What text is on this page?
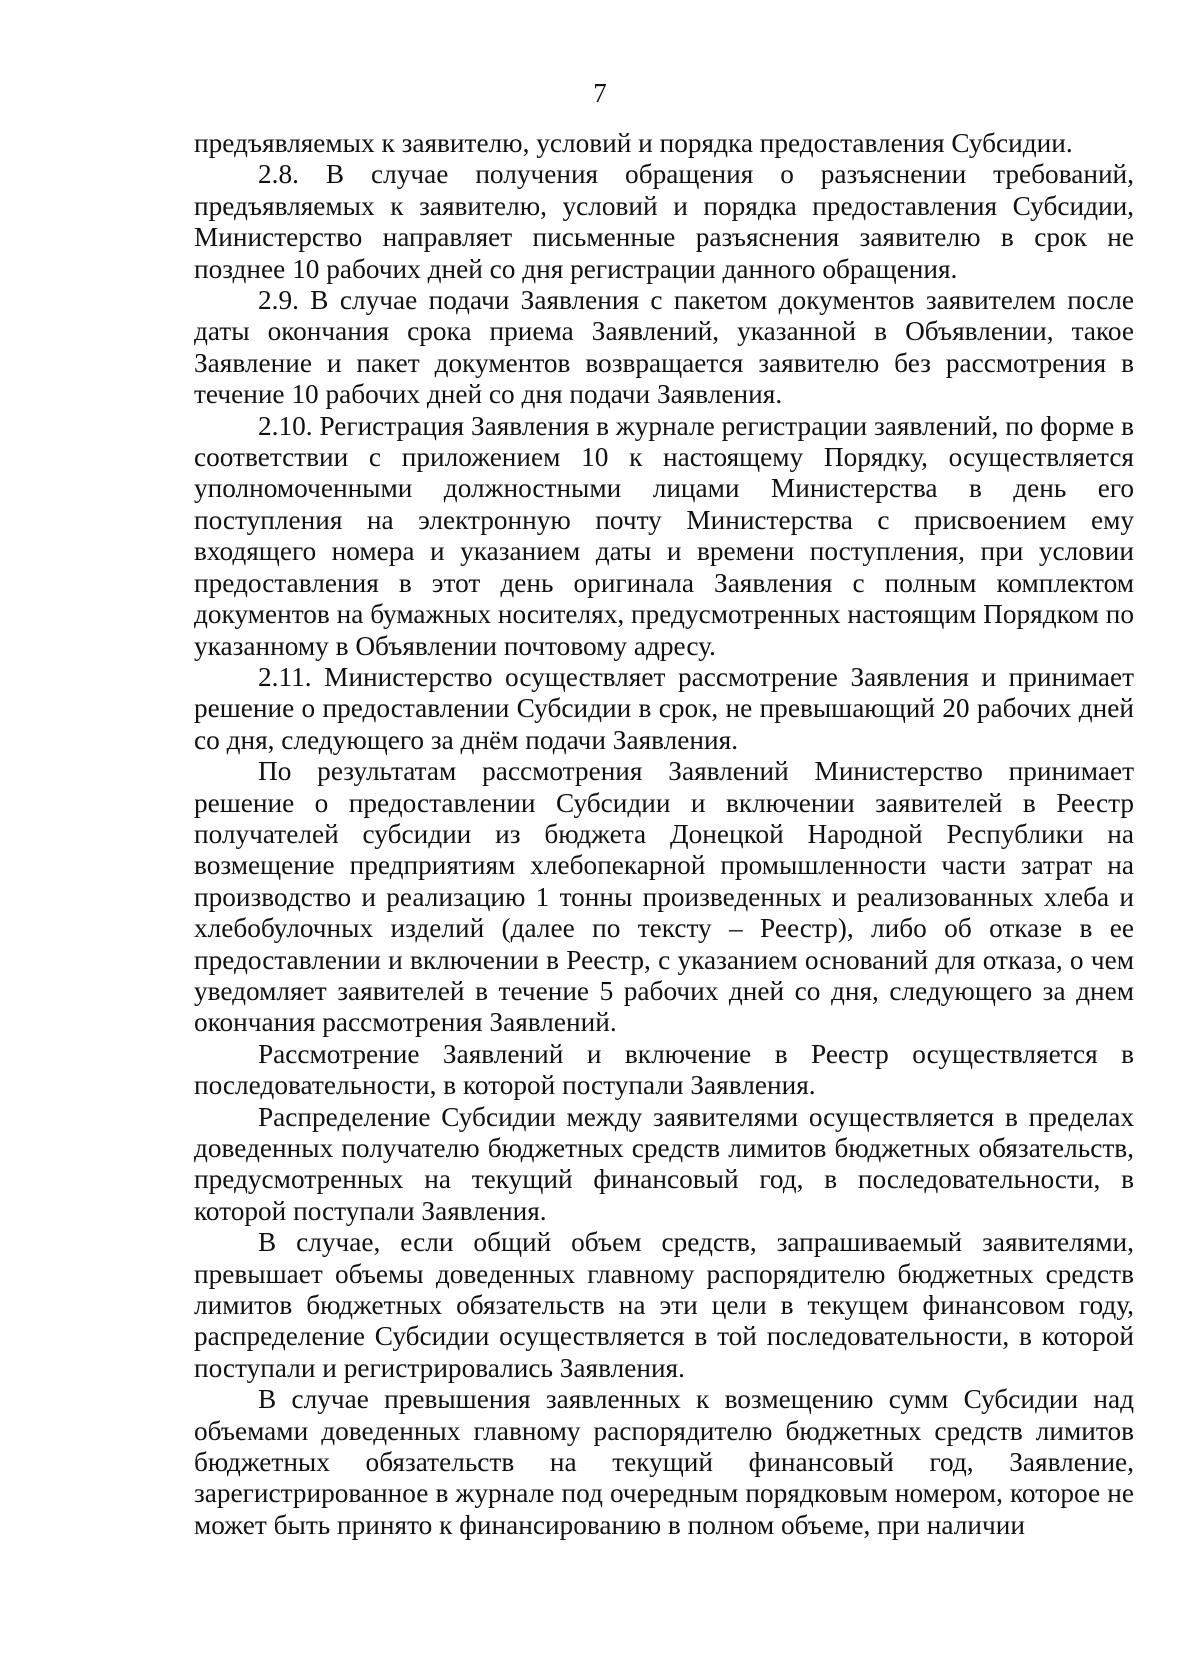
7

предъявляемых к заявителю, условий и порядка предоставления Субсидии.

2.8. В случае получения обращения о разъяснении требований, предъявляемых к заявителю, условий и порядка предоставления Субсидии, Министерство направляет письменные разъяснения заявителю в срок не позднее 10 рабочих дней со дня регистрации данного обращения.

2.9. В случае подачи Заявления с пакетом документов заявителем после даты окончания срока приема Заявлений, указанной в Объявлении, такое Заявление и пакет документов возвращается заявителю без рассмотрения в течение 10 рабочих дней со дня подачи Заявления.

2.10. Регистрация Заявления в журнале регистрации заявлений, по форме в соответствии с приложением 10 к настоящему Порядку, осуществляется уполномоченными должностными лицами Министерства в день его поступления на электронную почту Министерства с присвоением ему входящего номера и указанием даты и времени поступления, при условии предоставления в этот день оригинала Заявления с полным комплектом документов на бумажных носителях, предусмотренных настоящим Порядком по указанному в Объявлении почтовому адресу.

2.11. Министерство осуществляет рассмотрение Заявления и принимает решение о предоставлении Субсидии в срок, не превышающий 20 рабочих дней со дня, следующего за днём подачи Заявления.

По результатам рассмотрения Заявлений Министерство принимает решение о предоставлении Субсидии и включении заявителей в Реестр получателей субсидии из бюджета Донецкой Народной Республики на возмещение предприятиям хлебопекарной промышленности части затрат на производство и реализацию 1 тонны произведенных и реализованных хлеба и хлебобулочных изделий (далее по тексту – Реестр), либо об отказе в ее предоставлении и включении в Реестр, с указанием оснований для отказа, о чем уведомляет заявителей в течение 5 рабочих дней со дня, следующего за днем окончания рассмотрения Заявлений.

Рассмотрение Заявлений и включение в Реестр осуществляется в последовательности, в которой поступали Заявления.

Распределение Субсидии между заявителями осуществляется в пределах доведенных получателю бюджетных средств лимитов бюджетных обязательств, предусмотренных на текущий финансовый год, в последовательности, в которой поступали Заявления.

В случае, если общий объем средств, запрашиваемый заявителями, превышает объемы доведенных главному распорядителю бюджетных средств лимитов бюджетных обязательств на эти цели в текущем финансовом году, распределение Субсидии осуществляется в той последовательности, в которой поступали и регистрировались Заявления.

В случае превышения заявленных к возмещению сумм Субсидии над объемами доведенных главному распорядителю бюджетных средств лимитов бюджетных обязательств на текущий финансовый год, Заявление, зарегистрированное в журнале под очередным порядковым номером, которое не может быть принято к финансированию в полном объеме, при наличии
